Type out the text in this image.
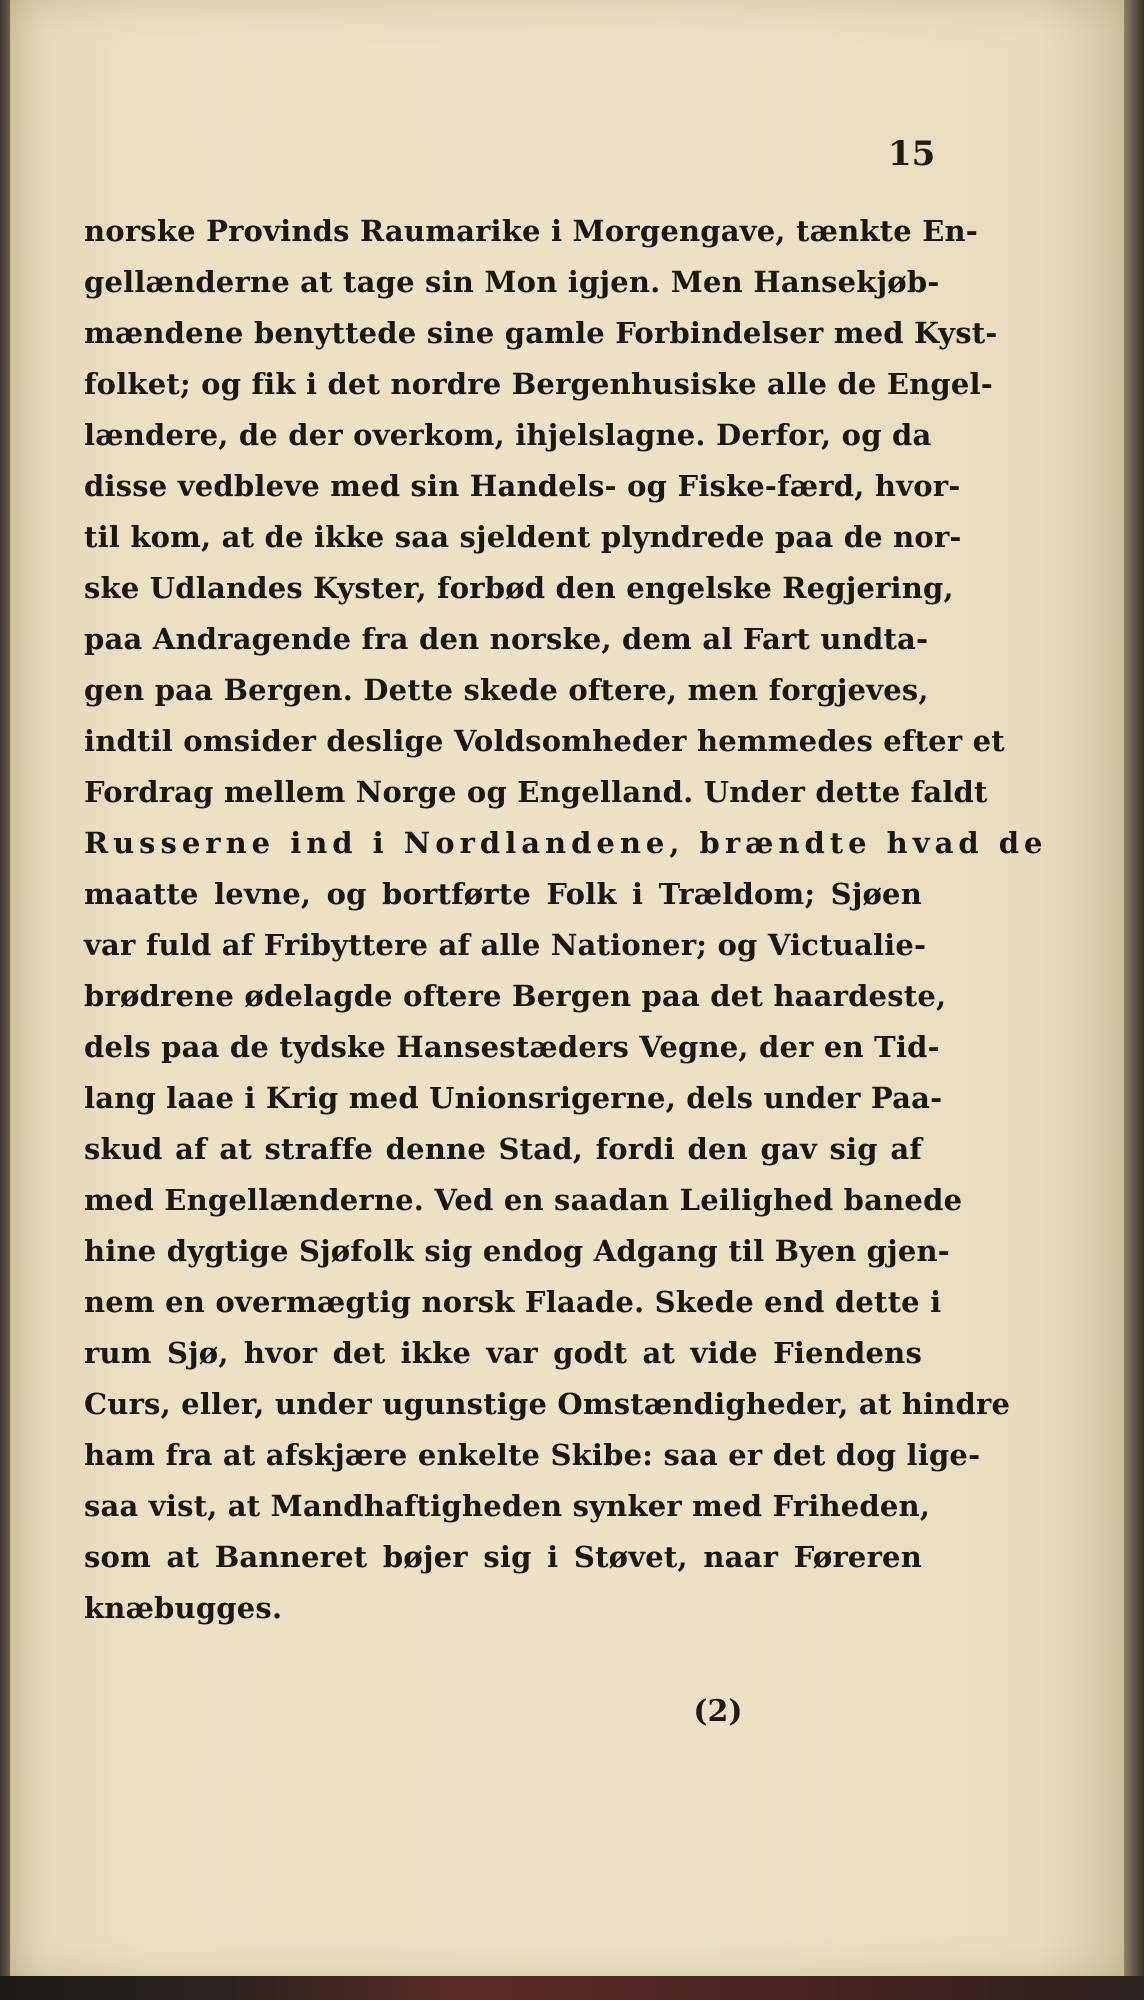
15
norske Provinds Raumarike i Morgengave, tænkte En-
gellænderne at tage sin Mon igjen. Men Hansekjøb-
mændene benyttede sine gamle Forbindelser med Kyst-
folket; og fik i det nordre Bergenhusiske alle de Engel-
lændere, de der overkom, ihjelslagne. Derfor, og da
disse vedbleve med sin Handels- og Fiske-færd, hvor-
til kom, at de ikke saa sjeldent plyndrede paa de nor-
ske Udlandes Kyster, forbød den engelske Regjering,
paa Andragende fra den norske, dem al Fart undta-
gen paa Bergen. Dette skede oftere, men forgjeves,
indtil omsider deslige Voldsomheder hemmedes efter et
Fordrag mellem Norge og Engelland. Under dette faldt
Russerne ind i Nordlandene, brændte hvad de
maatte levne, og bortførte Folk i Trældom; Sjøen
var fuld af Fribyttere af alle Nationer; og Victualie-
brødrene ødelagde oftere Bergen paa det haardeste,
dels paa de tydske Hansestæders Vegne, der en Tid-
lang laae i Krig med Unionsrigerne, dels under Paa-
skud af at straffe denne Stad, fordi den gav sig af
med Engellænderne. Ved en saadan Leilighed banede
hine dygtige Sjøfolk sig endog Adgang til Byen gjen-
nem en overmægtig norsk Flaade. Skede end dette i
rum Sjø, hvor det ikke var godt at vide Fiendens
Curs, eller, under ugunstige Omstændigheder, at hindre
ham fra at afskjære enkelte Skibe: saa er det dog lige-
saa vist, at Mandhaftigheden synker med Friheden,
som at Banneret bøjer sig i Støvet, naar Føreren
knæbugges.
(2)
